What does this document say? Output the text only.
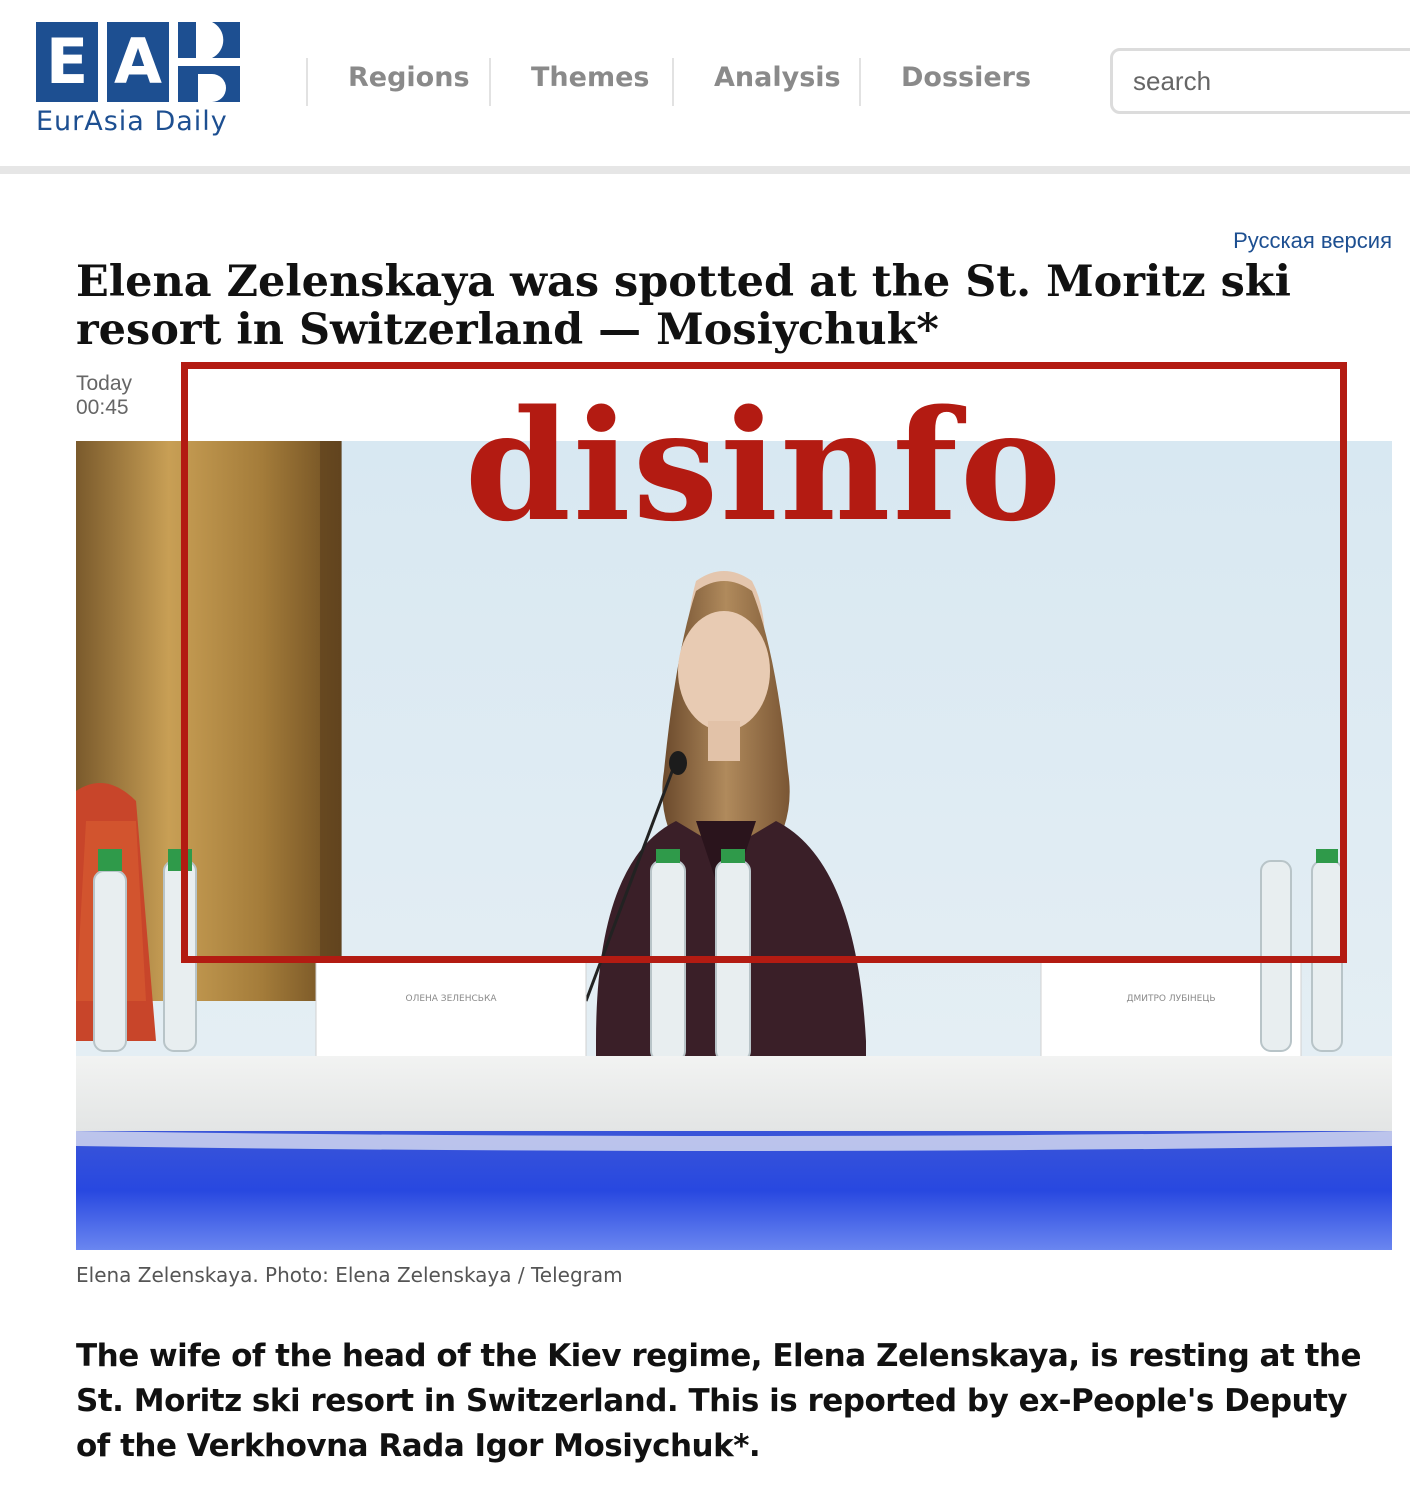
E A
EurAsia Daily
Regions Themes Analysis Dossiers
search
Русская версия
Elena Zelenskaya was spotted at the St. Moritz ski resort in Switzerland — Mosiychuk*
Today
00:45
ОЛЕНА ЗЕЛЕНСЬКА	ДМИТРО ЛУБІНЕЦЬ
disinfo
Elena Zelenskaya. Photo: Elena Zelenskaya / Telegram

The wife of the head of the Kiev regime, Elena Zelenskaya, is resting at the St. Moritz ski resort in Switzerland. This is reported by ex-People's Deputy of the Verkhovna Rada Igor Mosiychuk*.
